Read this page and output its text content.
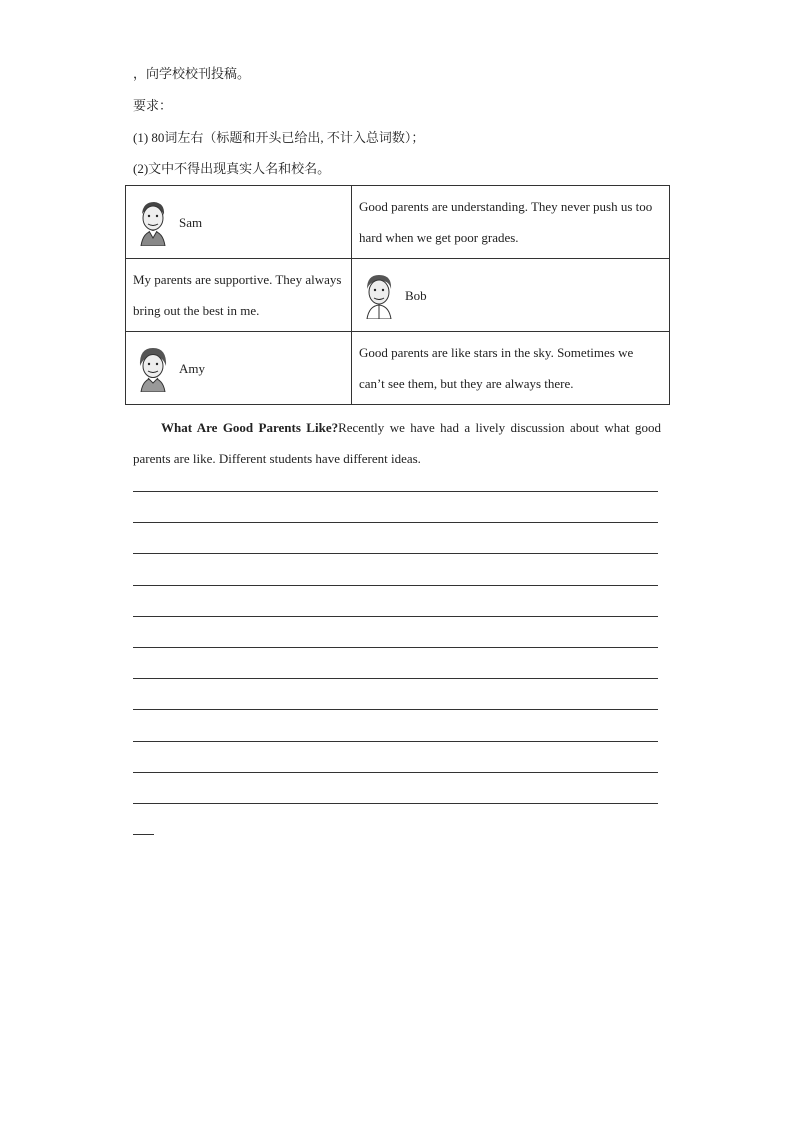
，向学校校刊投稿。
要求：
(1) 80词左右（标题和开头已给出, 不计入总词数）；
(2)文中不得出现真实人名和校名。
Sam	Good parents are understanding. They never push us too hard when we get poor grades.
My parents are supportive. They always bring out the best in me.	Bob

Amy	Good parents are like stars in the sky. Sometimes we can’t see them, but they are always there.
What Are Good Parents Like?Recently we have had a lively discussion about what good parents are like. Different students have different ideas.
